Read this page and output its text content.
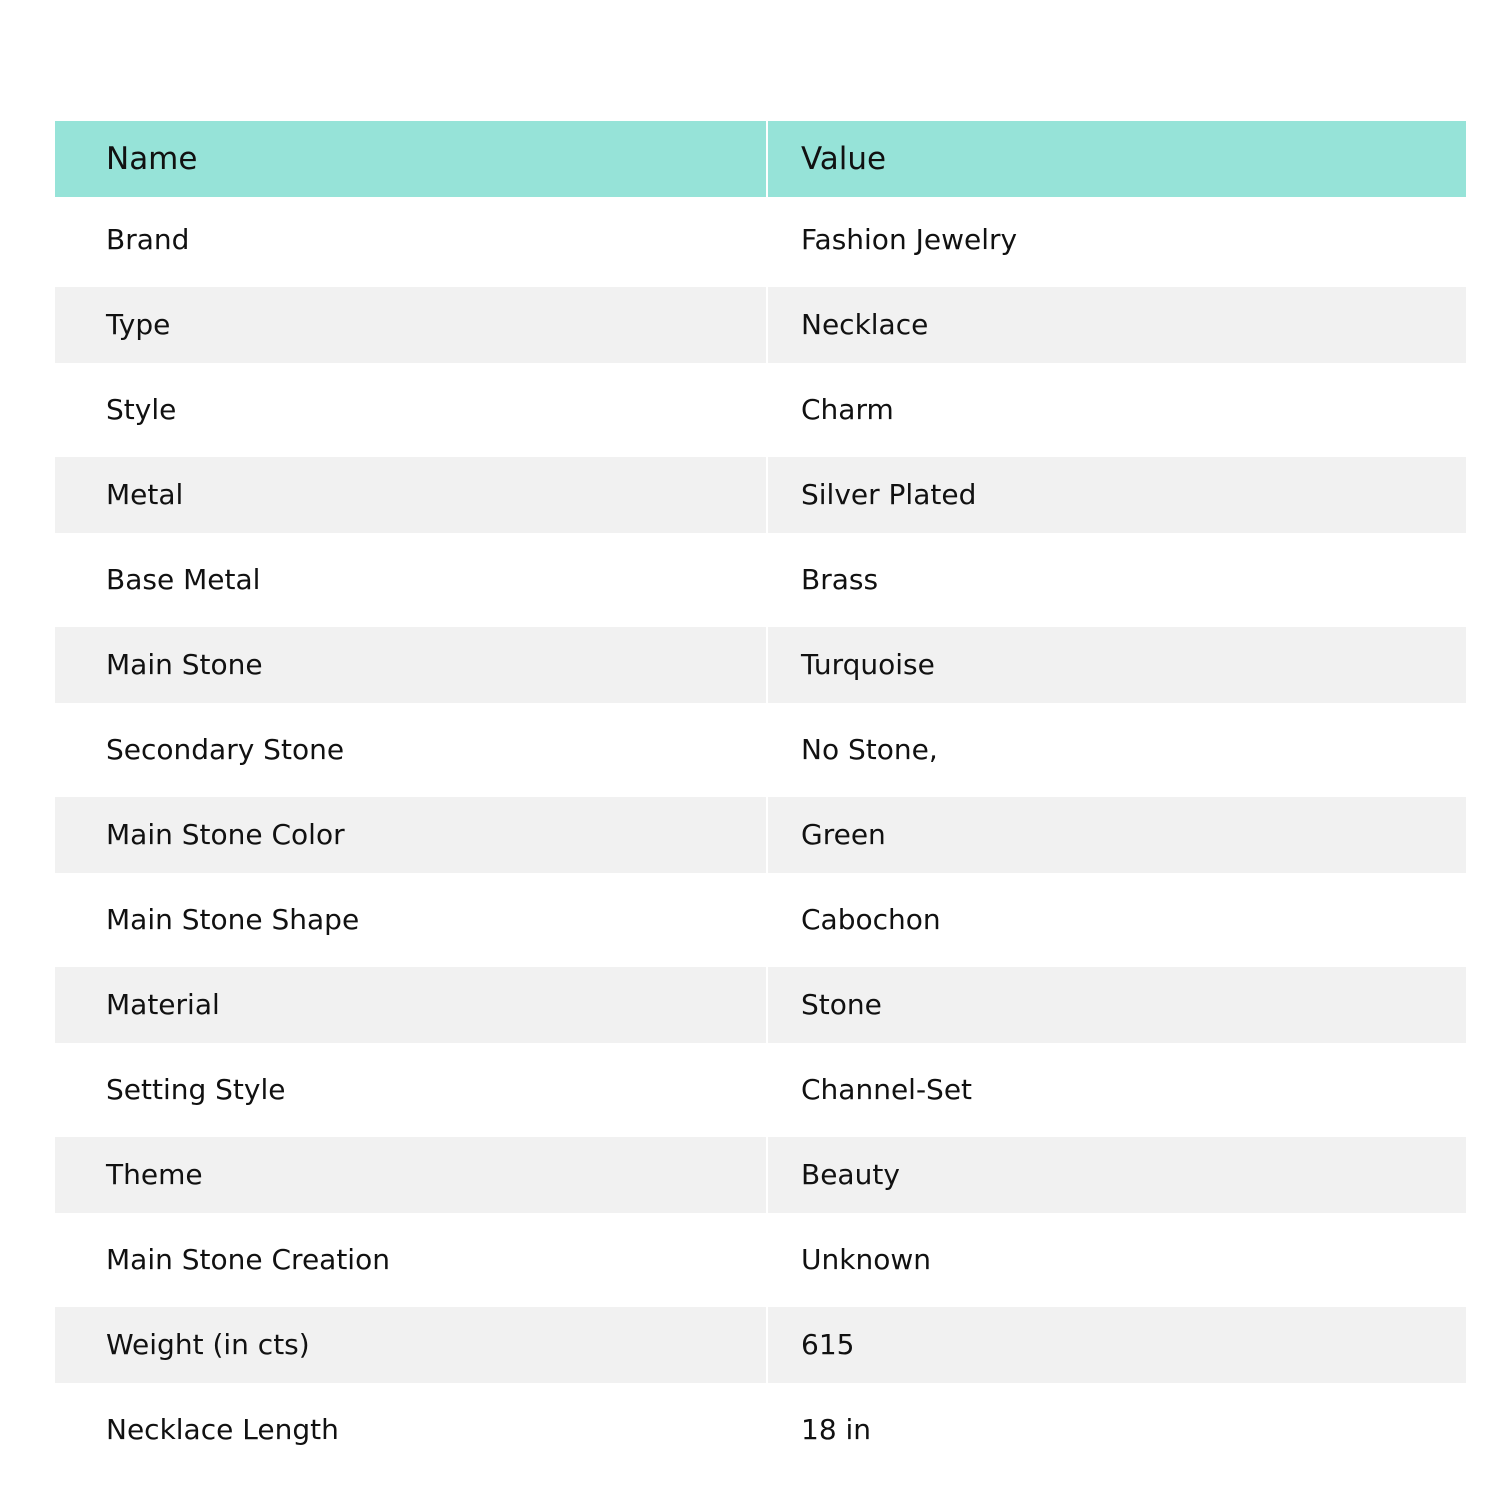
Name	Value
Brand	Fashion Jewelry
Type	Necklace
Style	Charm
Metal	Silver Plated
Base Metal	Brass
Main Stone	Turquoise
Secondary Stone	No Stone,
Main Stone Color	Green
Main Stone Shape	Cabochon
Material	Stone
Setting Style	Channel-Set
Theme	Beauty
Main Stone Creation	Unknown
Weight (in cts)	615
Necklace Length	18 in
